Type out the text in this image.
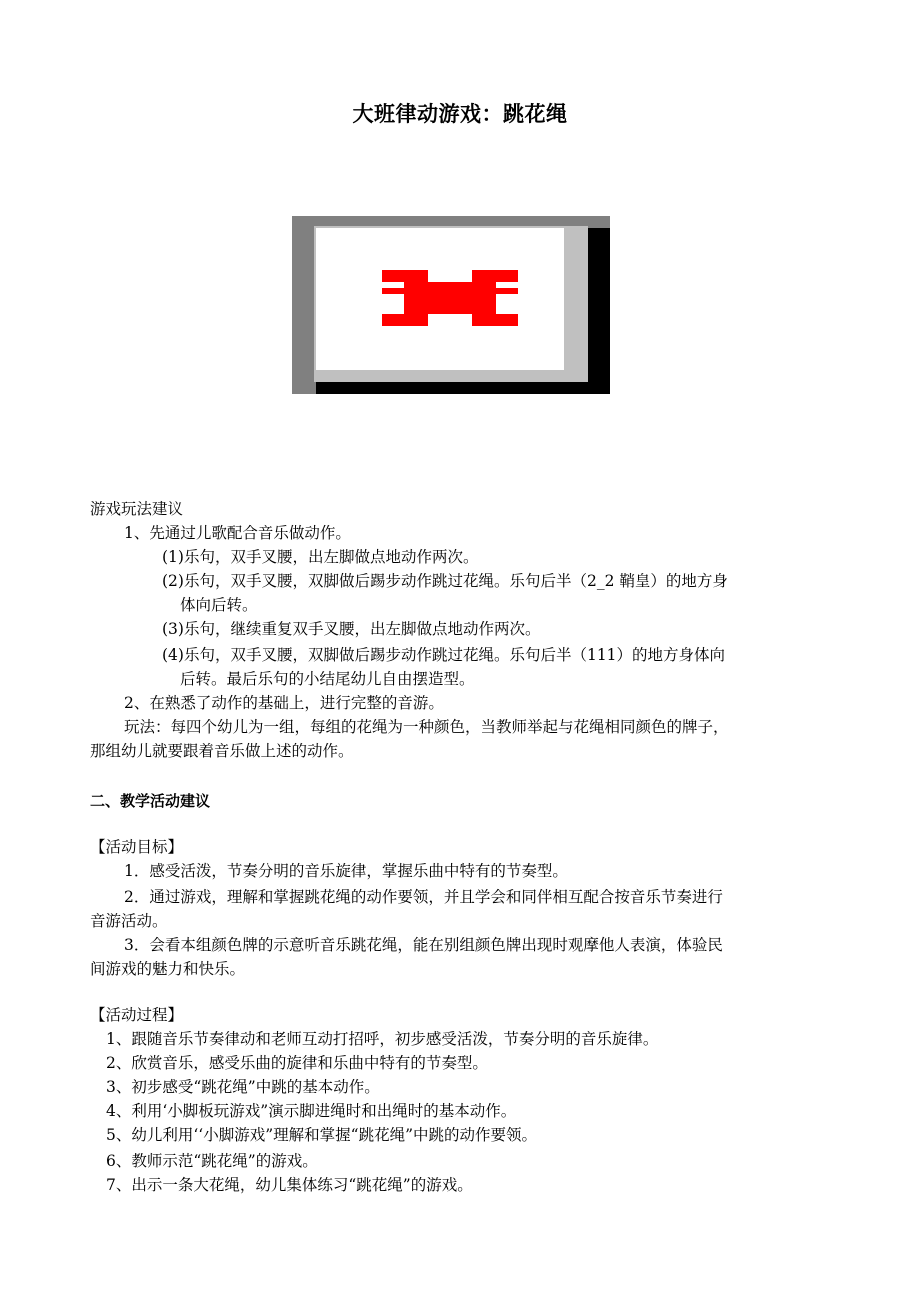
大班律动游戏：跳花绳
游戏玩法建议
1、先通过儿歌配合音乐做动作。
(1)乐句，双手叉腰，出左脚做点地动作两次。
(2)乐句，双手叉腰，双脚做后踢步动作跳过花绳。乐句后半（2_2 鞘皇）的地方身
体向后转。
(3)乐句，继续重复双手叉腰，出左脚做点地动作两次。
(4)乐句，双手叉腰，双脚做后踢步动作跳过花绳。乐句后半（111）的地方身体向
后转。最后乐句的小结尾幼儿自由摆造型。
2、在熟悉了动作的基础上，进行完整的音游。
玩法：每四个幼儿为一组，每组的花绳为一种颜色，当教师举起与花绳相同颜色的牌子，
那组幼儿就要跟着音乐做上述的动作。
二、教学活动建议
【活动目标】
1．感受活泼，节奏分明的音乐旋律，掌握乐曲中特有的节奏型。
2．通过游戏，理解和掌握跳花绳的动作要领，并且学会和同伴相互配合按音乐节奏进行
音游活动。
3．会看本组颜色牌的示意听音乐跳花绳，能在别组颜色牌出现时观摩他人表演，体验民
间游戏的魅力和快乐。
【活动过程】
1、跟随音乐节奏律动和老师互动打招呼，初步感受活泼，节奏分明的音乐旋律。
2、欣赏音乐，感受乐曲的旋律和乐曲中特有的节奏型。
3、初步感受“跳花绳”中跳的基本动作。
4、利用‘小脚板玩游戏”演示脚进绳时和出绳时的基本动作。
5、幼儿利用‘‘小脚游戏”理解和掌握“跳花绳”中跳的动作要领。
6、教师示范“跳花绳”的游戏。
7、出示一条大花绳，幼儿集体练习“跳花绳”的游戏。
